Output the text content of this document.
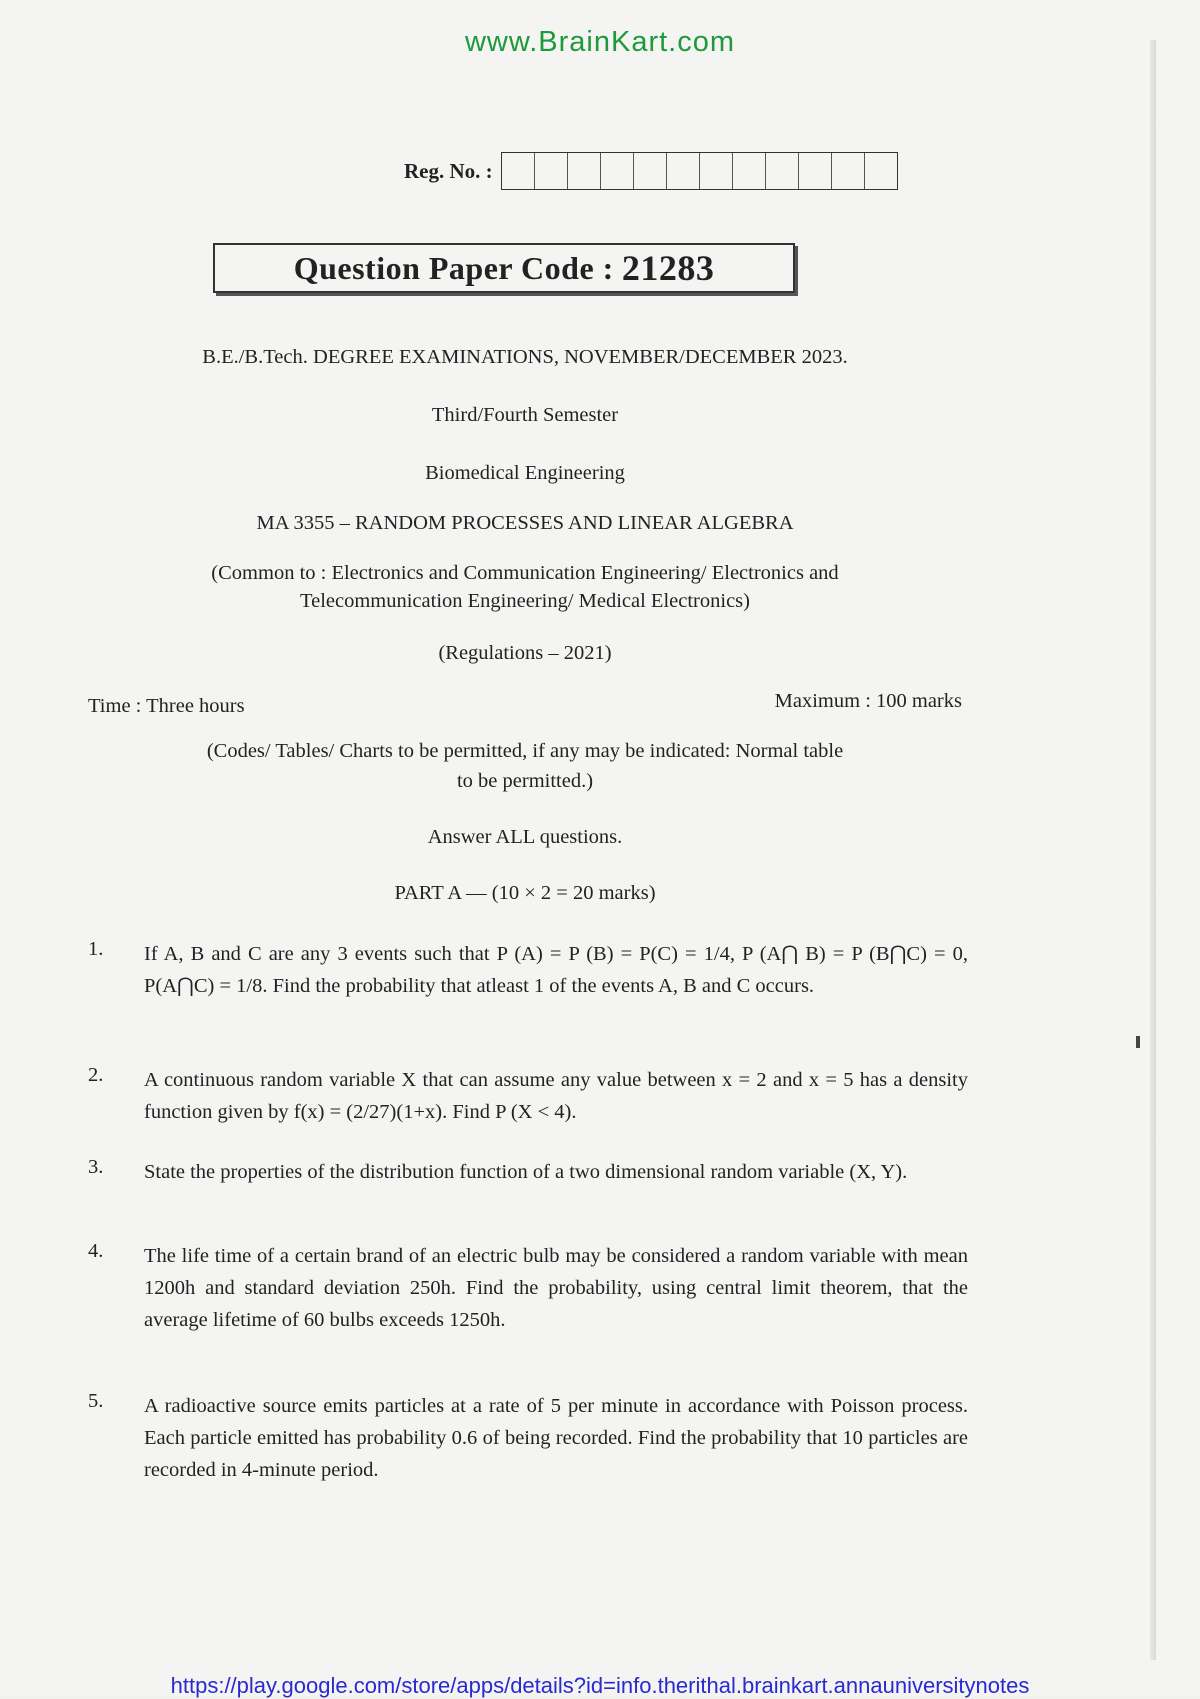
www.BrainKart.com
Reg. No. :
Question Paper Code : 21283
B.E./B.Tech. DEGREE EXAMINATIONS, NOVEMBER/DECEMBER 2023.
Third/Fourth Semester
Biomedical Engineering
MA 3355 – RANDOM PROCESSES AND LINEAR ALGEBRA
(Common to : Electronics and Communication Engineering/ Electronics and
Telecommunication Engineering/ Medical Electronics)
(Regulations – 2021)
Time : Three hours	Maximum : 100 marks
(Codes/ Tables/ Charts to be permitted, if any may be indicated: Normal table
to be permitted.)
Answer ALL questions.
PART A — (10 × 2 = 20 marks)
1. If A, B and C are any 3 events such that P (A) = P (B) = P(C) = 1/4, P (A⋂ B) = P (B⋂C) = 0, P(A⋂C) = 1/8. Find the probability that atleast 1 of the events A, B and C occurs.
2. A continuous random variable X that can assume any value between x = 2 and x = 5 has a density function given by f(x) = (2/27)(1+x). Find P (X < 4).
3. State the properties of the distribution function of a two dimensional random variable (X, Y).
4. The life time of a certain brand of an electric bulb may be considered a random variable with mean 1200h and standard deviation 250h. Find the probability, using central limit theorem, that the average lifetime of 60 bulbs exceeds 1250h.
5. A radioactive source emits particles at a rate of 5 per minute in accordance with Poisson process. Each particle emitted has probability 0.6 of being recorded. Find the probability that 10 particles are recorded in 4-minute period.
https://play.google.com/store/apps/details?id=info.therithal.brainkart.annauniversitynotes
